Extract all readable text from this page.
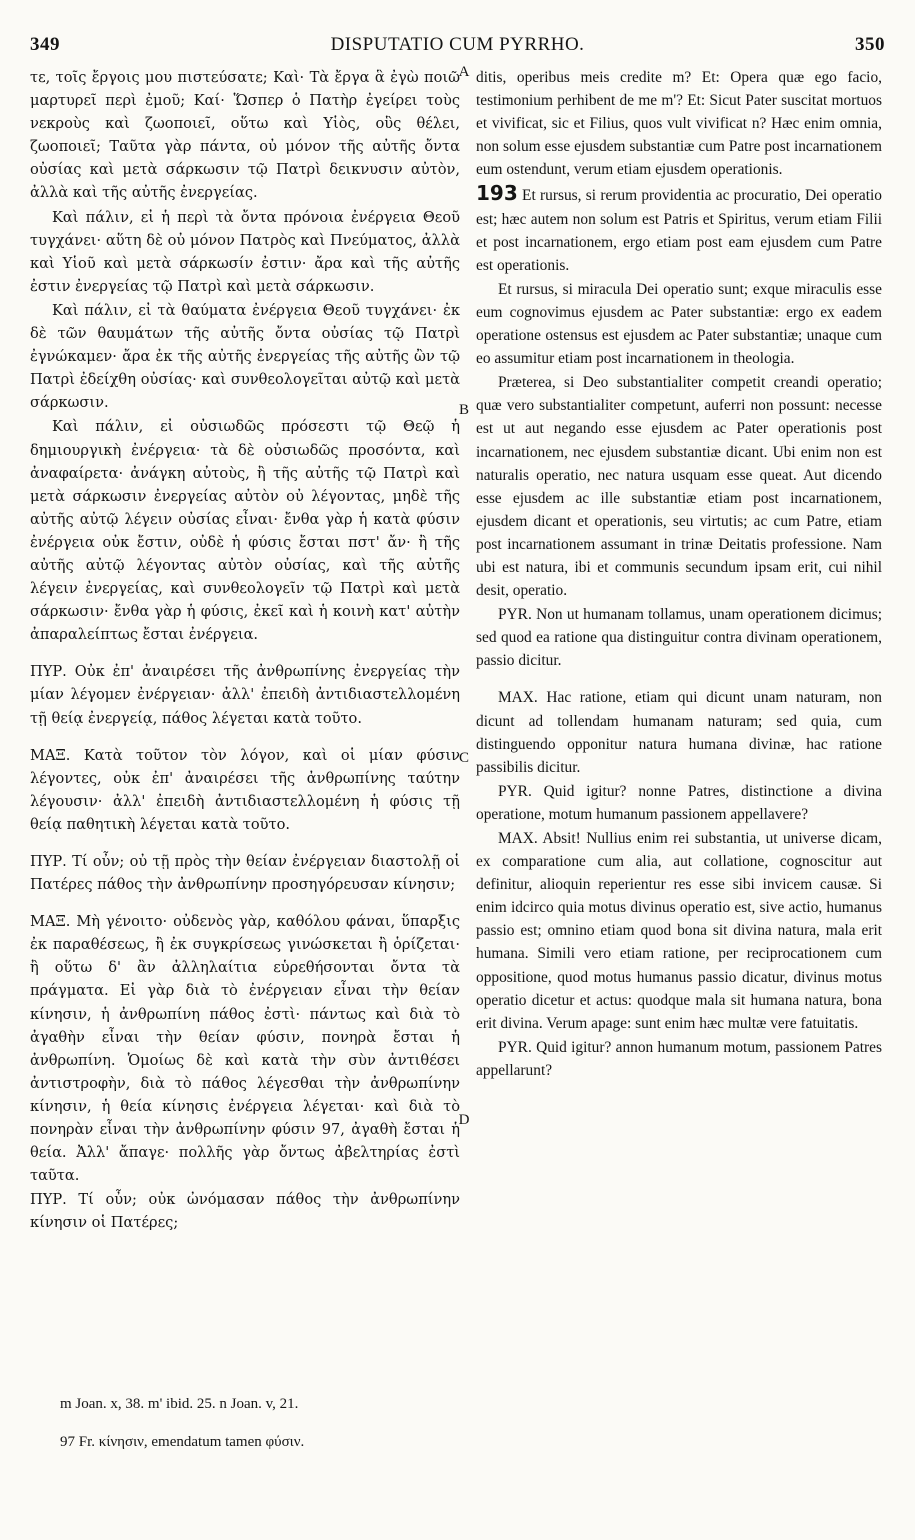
349	DISPUTATIO CUM PYRRHO.	350

τε, τοῖς ἔργοις μου πιστεύσατε; Καὶ· Τὰ ἔργα ἃ ἐγὼ ποιῶ μαρτυρεῖ περὶ ἐμοῦ; Καί· Ὥσπερ ὁ Πατὴρ ἐγείρει τοὺς νεκροὺς καὶ ζωοποιεῖ, οὕτω καὶ Υἱὸς, οὓς θέλει, ζωοποιεῖ; Ταῦτα γὰρ πάντα, οὐ μόνον τῆς αὐτῆς ὄντα οὐσίας καὶ μετὰ σάρκωσιν τῷ Πατρὶ δεικνυσιν αὐτὸν, ἀλλὰ καὶ τῆς αὐτῆς ἐνεργείας.

Καὶ πάλιν, εἰ ἡ περὶ τὰ ὄντα πρόνοια ἐνέργεια Θεοῦ τυγχάνει· αὕτη δὲ οὐ μόνον Πατρὸς καὶ Πνεύματος, ἀλλὰ καὶ Υἱοῦ καὶ μετὰ σάρκωσίν ἐστιν· ἄρα καὶ τῆς αὐτῆς ἐστιν ἐνεργείας τῷ Πατρὶ καὶ μετὰ σάρκωσιν.

Καὶ πάλιν, εἰ τὰ θαύματα ἐνέργεια Θεοῦ τυγχάνει· ἐκ δὲ τῶν θαυμάτων τῆς αὐτῆς ὄντα οὐσίας τῷ Πατρὶ ἐγνώκαμεν· ἄρα ἐκ τῆς αὐτῆς ἐνεργείας τῆς αὐτῆς ὢν τῷ Πατρὶ ἐδείχθη οὐσίας· καὶ συνθεολογεῖται αὐτῷ καὶ μετὰ σάρκωσιν.

Καὶ πάλιν, εἰ οὐσιωδῶς πρόσεστι τῷ Θεῷ ἡ δημιουργικὴ ἐνέργεια· τὰ δὲ οὐσιωδῶς προσόντα, καὶ ἀναφαίρετα· ἀνάγκη αὐτοὺς, ἢ τῆς αὐτῆς τῷ Πατρὶ καὶ μετὰ σάρκωσιν ἐνεργείας αὐτὸν οὐ λέγοντας, μηδὲ τῆς αὐτῆς αὐτῷ λέγειν οὐσίας εἶναι· ἔνθα γὰρ ἡ κατὰ φύσιν ἐνέργεια οὐκ ἔστιν, οὐδὲ ἡ φύσις ἔσται πστ' ἄν· ἢ τῆς αὐτῆς αὐτῷ λέγοντας αὐτὸν οὐσίας, καὶ τῆς αὐτῆς λέγειν ἐνεργείας, καὶ συνθεολογεῖν τῷ Πατρὶ καὶ μετὰ σάρκωσιν· ἔνθα γὰρ ἡ φύσις, ἐκεῖ καὶ ἡ κοινὴ κατ' αὐτὴν ἀπαραλείπτως ἔσται ἐνέργεια.

ΠΥΡ. Οὐκ ἐπ' ἀναιρέσει τῆς ἀνθρωπίνης ἐνεργείας τὴν μίαν λέγομεν ἐνέργειαν· ἀλλ' ἐπειδὴ ἀντιδιαστελλομένη τῇ θείᾳ ἐνεργείᾳ, πάθος λέγεται κατὰ τοῦτο.

ΜΑΞ. Κατὰ τοῦτον τὸν λόγον, καὶ οἱ μίαν φύσιν λέγοντες, οὐκ ἐπ' ἀναιρέσει τῆς ἀνθρωπίνης ταύτην λέγουσιν· ἀλλ' ἐπειδὴ ἀντιδιαστελλομένη ἡ φύσις τῇ θείᾳ παθητικὴ λέγεται κατὰ τοῦτο.

ΠΥΡ. Τί οὖν; οὐ τῇ πρὸς τὴν θείαν ἐνέργειαν διαστολῇ οἱ Πατέρες πάθος τὴν ἀνθρωπίνην προσηγόρευσαν κίνησιν;

ΜΑΞ. Μὴ γένοιτο· οὐδενὸς γὰρ, καθόλου φάναι, ὕπαρξις ἐκ παραθέσεως, ἢ ἐκ συγκρίσεως γινώσκεται ἢ ὁρίζεται· ἢ οὕτω δ' ἂν ἀλληλαίτια εὑρεθήσονται ὄντα τὰ πράγματα. Εἰ γὰρ διὰ τὸ ἐνέργειαν εἶναι τὴν θείαν κίνησιν, ἡ ἀνθρωπίνη πάθος ἐστὶ· πάντως καὶ διὰ τὸ ἀγαθὴν εἶναι τὴν θείαν φύσιν, πονηρὰ ἔσται ἡ ἀνθρωπίνη. Ὁμοίως δὲ καὶ κατὰ τὴν σὺν ἀντιθέσει ἀντιστροφὴν, διὰ τὸ πάθος λέγεσθαι τὴν ἀνθρωπίνην κίνησιν, ἡ θεία κίνησις ἐνέργεια λέγεται· καὶ διὰ τὸ πονηρὰν εἶναι τὴν ἀνθρωπίνην φύσιν 97, ἀγαθὴ ἔσται ἡ θεία. Ἀλλ' ἄπαγε· πολλῆς γὰρ ὄντως ἀβελτηρίας ἐστὶ ταῦτα.

ΠΥΡ. Τί οὖν; οὐκ ὠνόμασαν πάθος τὴν ἀνθρωπίνην κίνησιν οἱ Πατέρες;

A
B
C
D

ditis, operibus meis credite m? Et: Opera quæ ego facio, testimonium perhibent de me m'? Et: Sicut Pater suscitat mortuos et vivificat, sic et Filius, quos vult vivificat n? Hæc enim omnia, non solum esse ejusdem substantiæ cum Patre post incarnationem eum ostendunt, verum etiam ejusdem operationis.

193 Et rursus, si rerum providentia ac procuratio, Dei operatio est; hæc autem non solum est Patris et Spiritus, verum etiam Filii et post incarnationem, ergo etiam post eam ejusdem cum Patre est operationis.

Et rursus, si miracula Dei operatio sunt; exque miraculis esse eum cognovimus ejusdem ac Pater substantiæ: ergo ex eadem operatione ostensus est ejusdem ac Pater substantiæ; unaque cum eo assumitur etiam post incarnationem in theologia.

Præterea, si Deo substantialiter competit creandi operatio; quæ vero substantialiter competunt, auferri non possunt: necesse est ut aut negando esse ejusdem ac Pater operationis post incarnationem, nec ejusdem substantiæ dicant. Ubi enim non est naturalis operatio, nec natura usquam esse queat. Aut dicendo esse ejusdem ac ille substantiæ etiam post incarnationem, ejusdem dicant et operationis, seu virtutis; ac cum Patre, etiam post incarnationem assumant in trinæ Deitatis professione. Nam ubi est natura, ibi et communis secundum ipsam erit, cui nihil desit, operatio.

PYR. Non ut humanam tollamus, unam operationem dicimus; sed quod ea ratione qua distinguitur contra divinam operationem, passio dicitur.

MAX. Hac ratione, etiam qui dicunt unam naturam, non dicunt ad tollendam humanam naturam; sed quia, cum distinguendo opponitur natura humana divinæ, hac ratione passibilis dicitur.

PYR. Quid igitur? nonne Patres, distinctione a divina operatione, motum humanum passionem appellavere?

MAX. Absit! Nullius enim rei substantia, ut universe dicam, ex comparatione cum alia, aut collatione, cognoscitur aut definitur, alioquin reperientur res esse sibi invicem causæ. Si enim idcirco quia motus divinus operatio est, sive actio, humanus passio est; omnino etiam quod bona sit divina natura, mala erit humana. Simili vero etiam ratione, per reciprocationem cum oppositione, quod motus humanus passio dicatur, divinus motus operatio dicetur et actus: quodque mala sit humana natura, bona erit divina. Verum apage: sunt enim hæc multæ vere fatuitatis.

PYR. Quid igitur? annon humanum motum, passionem Patres appellarunt?

m Joan. x, 38. m' ibid. 25. n Joan. v, 21.
97 Fr. κίνησιν, emendatum tamen φύσιν.
